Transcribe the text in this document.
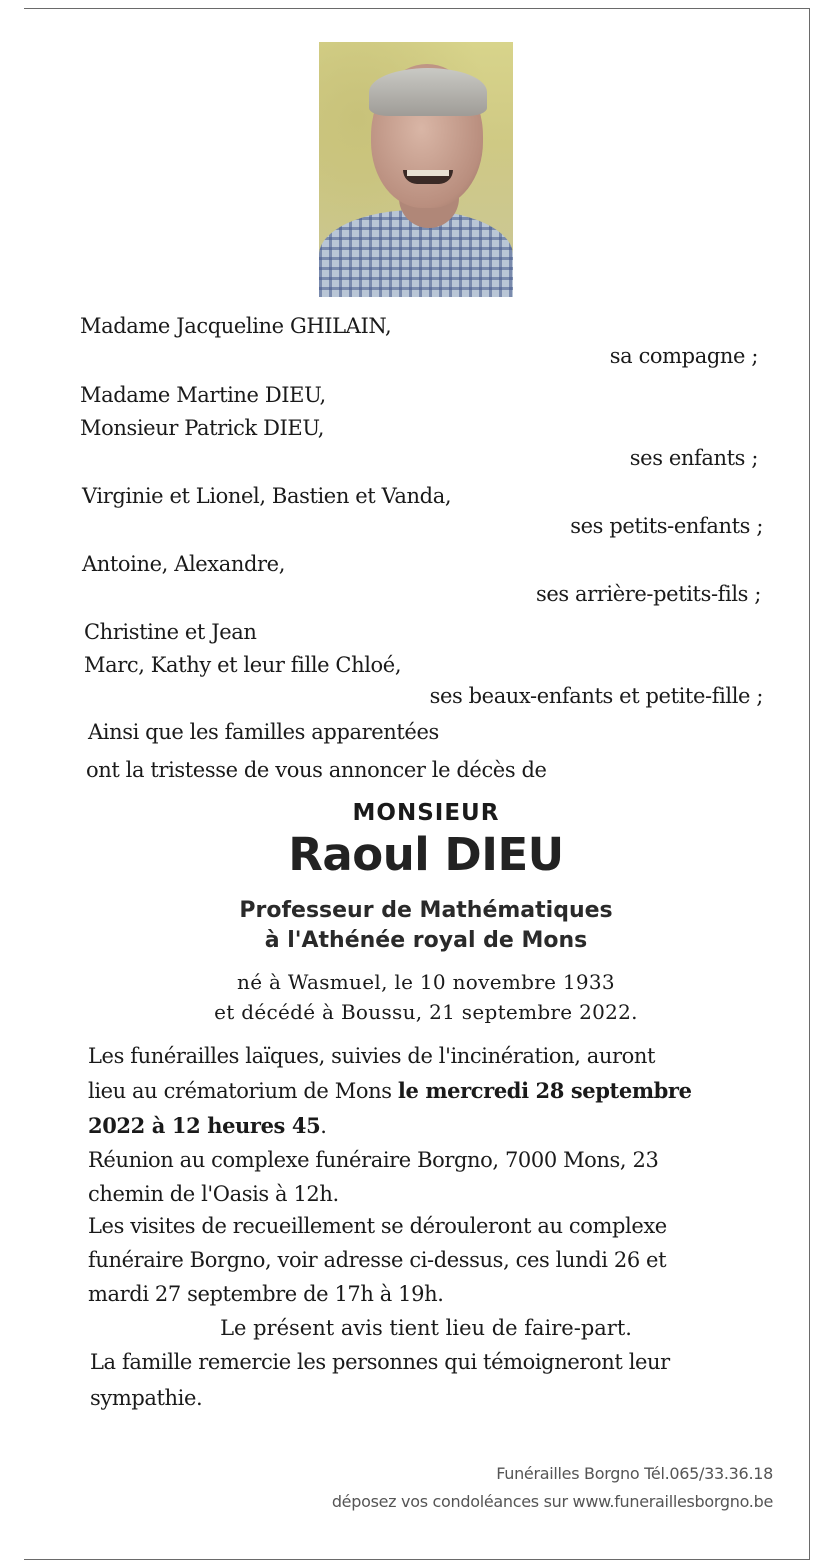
Madame Jacqueline GHILAIN,
sa compagne ;
Madame Martine DIEU,
Monsieur Patrick DIEU,
ses enfants ;
Virginie et Lionel, Bastien et Vanda,
ses petits-enfants ;
Antoine, Alexandre,
ses arrière-petits-fils ;
Christine et Jean
Marc, Kathy et leur fille Chloé,
ses beaux-enfants et petite-fille ;
Ainsi que les familles apparentées
ont la tristesse de vous annoncer le décès de
MONSIEUR
Raoul DIEU
Professeur de Mathématiques
à l'Athénée royal de Mons
né à Wasmuel, le 10 novembre 1933
et décédé à Boussu, 21 septembre 2022.
Les funérailles laïques, suivies de l'incinération, auront
lieu au crématorium de Mons le mercredi 28 septembre
2022 à 12 heures 45.
Réunion au complexe funéraire Borgno, 7000 Mons, 23
chemin de l'Oasis à 12h.
Les visites de recueillement se dérouleront au complexe
funéraire Borgno, voir adresse ci-dessus, ces lundi 26 et
mardi 27 septembre de 17h à 19h.
Le présent avis tient lieu de faire-part.
La famille remercie les personnes qui témoigneront leur
sympathie.
Funérailles Borgno Tél.065/33.36.18
déposez vos condoléances sur www.funeraillesborgno.be
